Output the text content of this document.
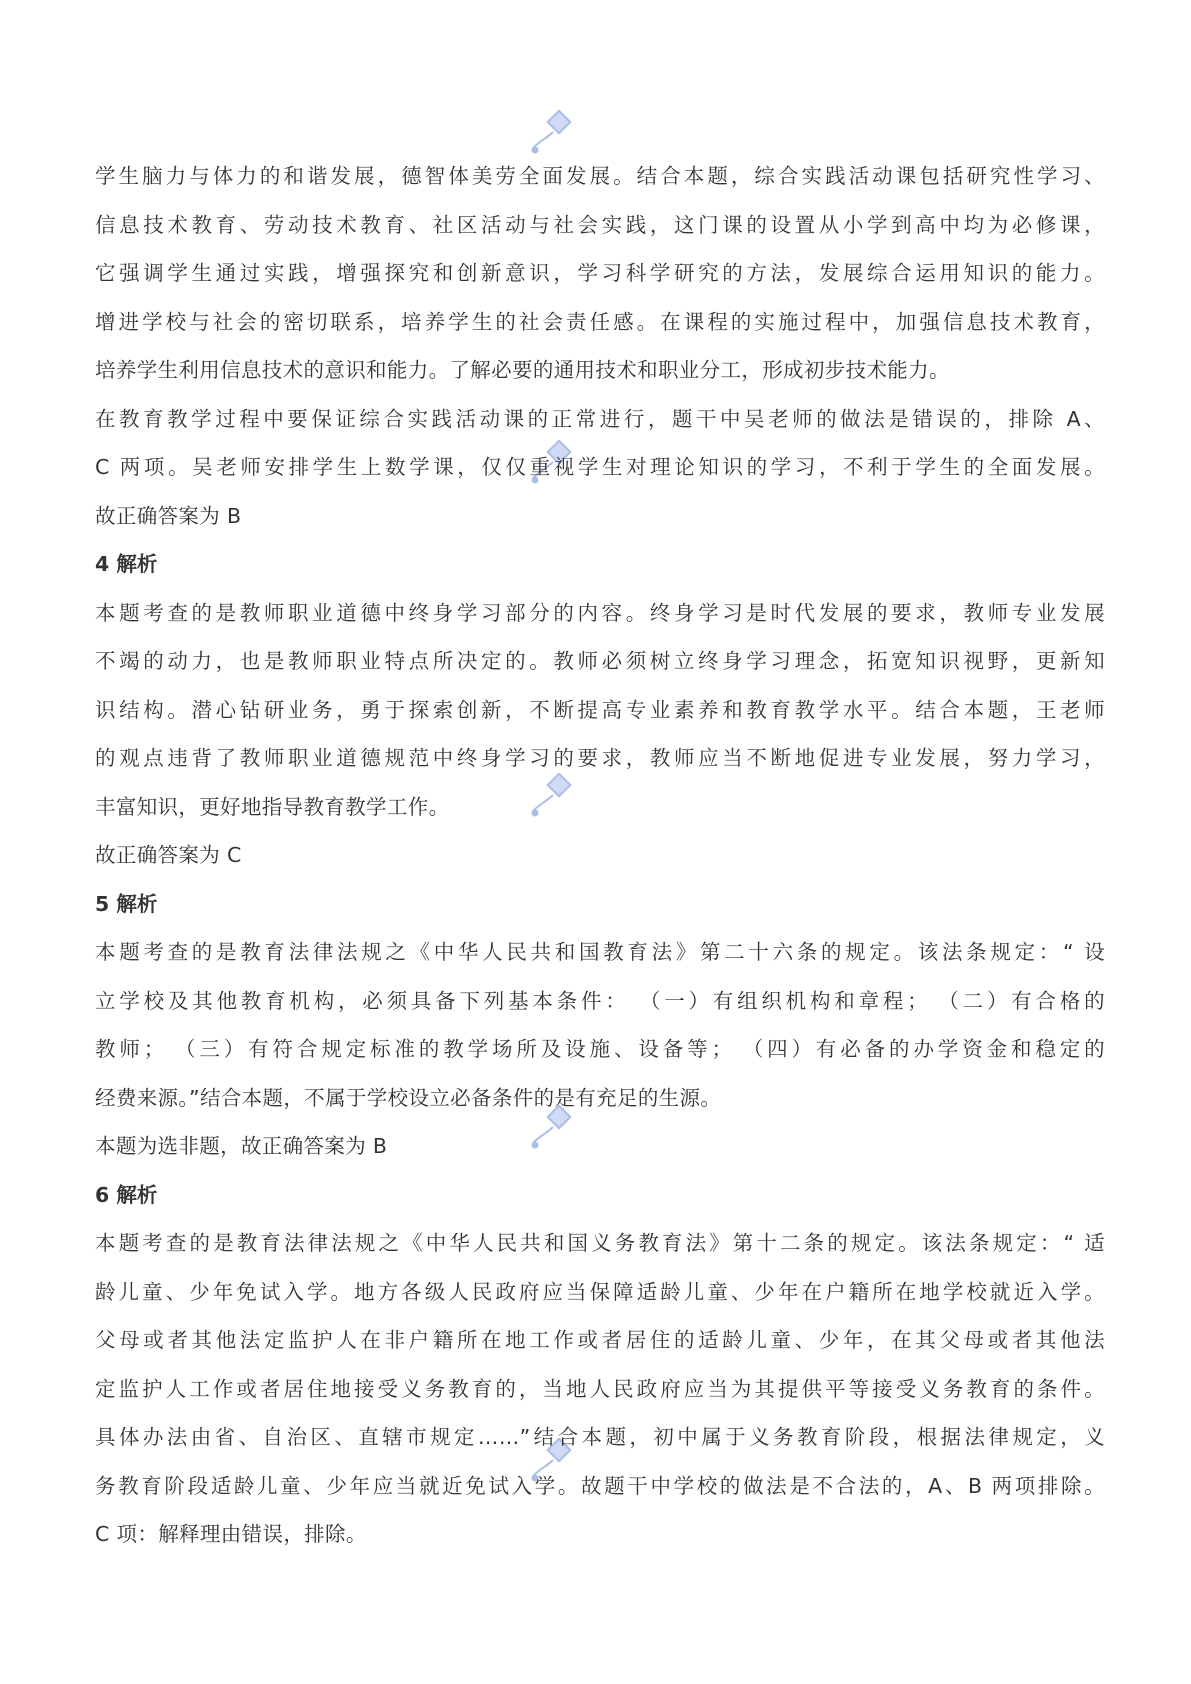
学生脑力与体力的和谐发展，德智体美劳全面发展。结合本题，综合实践活动课包括研究性学习、
信息技术教育、劳动技术教育、社区活动与社会实践，这门课的设置从小学到高中均为必修课，
它强调学生通过实践，增强探究和创新意识，学习科学研究的方法，发展综合运用知识的能力。
增进学校与社会的密切联系，培养学生的社会责任感。在课程的实施过程中，加强信息技术教育，
培养学生利用信息技术的意识和能力。了解必要的通用技术和职业分工，形成初步技术能力。
在教育教学过程中要保证综合实践活动课的正常进行，题干中吴老师的做法是错误的，排除 A、
C 两项。吴老师安排学生上数学课，仅仅重视学生对理论知识的学习，不利于学生的全面发展。
故正确答案为 B
4 解析
本题考查的是教师职业道德中终身学习部分的内容。终身学习是时代发展的要求，教师专业发展
不竭的动力，也是教师职业特点所决定的。教师必须树立终身学习理念，拓宽知识视野，更新知
识结构。潜心钻研业务，勇于探索创新，不断提高专业素养和教育教学水平。结合本题，王老师
的观点违背了教师职业道德规范中终身学习的要求，教师应当不断地促进专业发展，努力学习，
丰富知识，更好地指导教育教学工作。
故正确答案为 C
5 解析
本题考查的是教育法律法规之《中华人民共和国教育法》第二十六条的规定。该法条规定：“ 设
立学校及其他教育机构，必须具备下列基本条件： （一）有组织机构和章程； （二）有合格的
教师； （三）有符合规定标准的教学场所及设施、设备等； （四）有必备的办学资金和稳定的
经费来源。”结合本题，不属于学校设立必备条件的是有充足的生源。
本题为选非题，故正确答案为 B
6 解析
本题考查的是教育法律法规之《中华人民共和国义务教育法》第十二条的规定。该法条规定：“ 适
龄儿童、少年免试入学。地方各级人民政府应当保障适龄儿童、少年在户籍所在地学校就近入学。
父母或者其他法定监护人在非户籍所在地工作或者居住的适龄儿童、少年，在其父母或者其他法
定监护人工作或者居住地接受义务教育的，当地人民政府应当为其提供平等接受义务教育的条件。
具体办法由省、自治区、直辖市规定……”结合本题，初中属于义务教育阶段，根据法律规定，义
务教育阶段适龄儿童、少年应当就近免试入学。故题干中学校的做法是不合法的，A、B 两项排除。
C 项：解释理由错误，排除。
